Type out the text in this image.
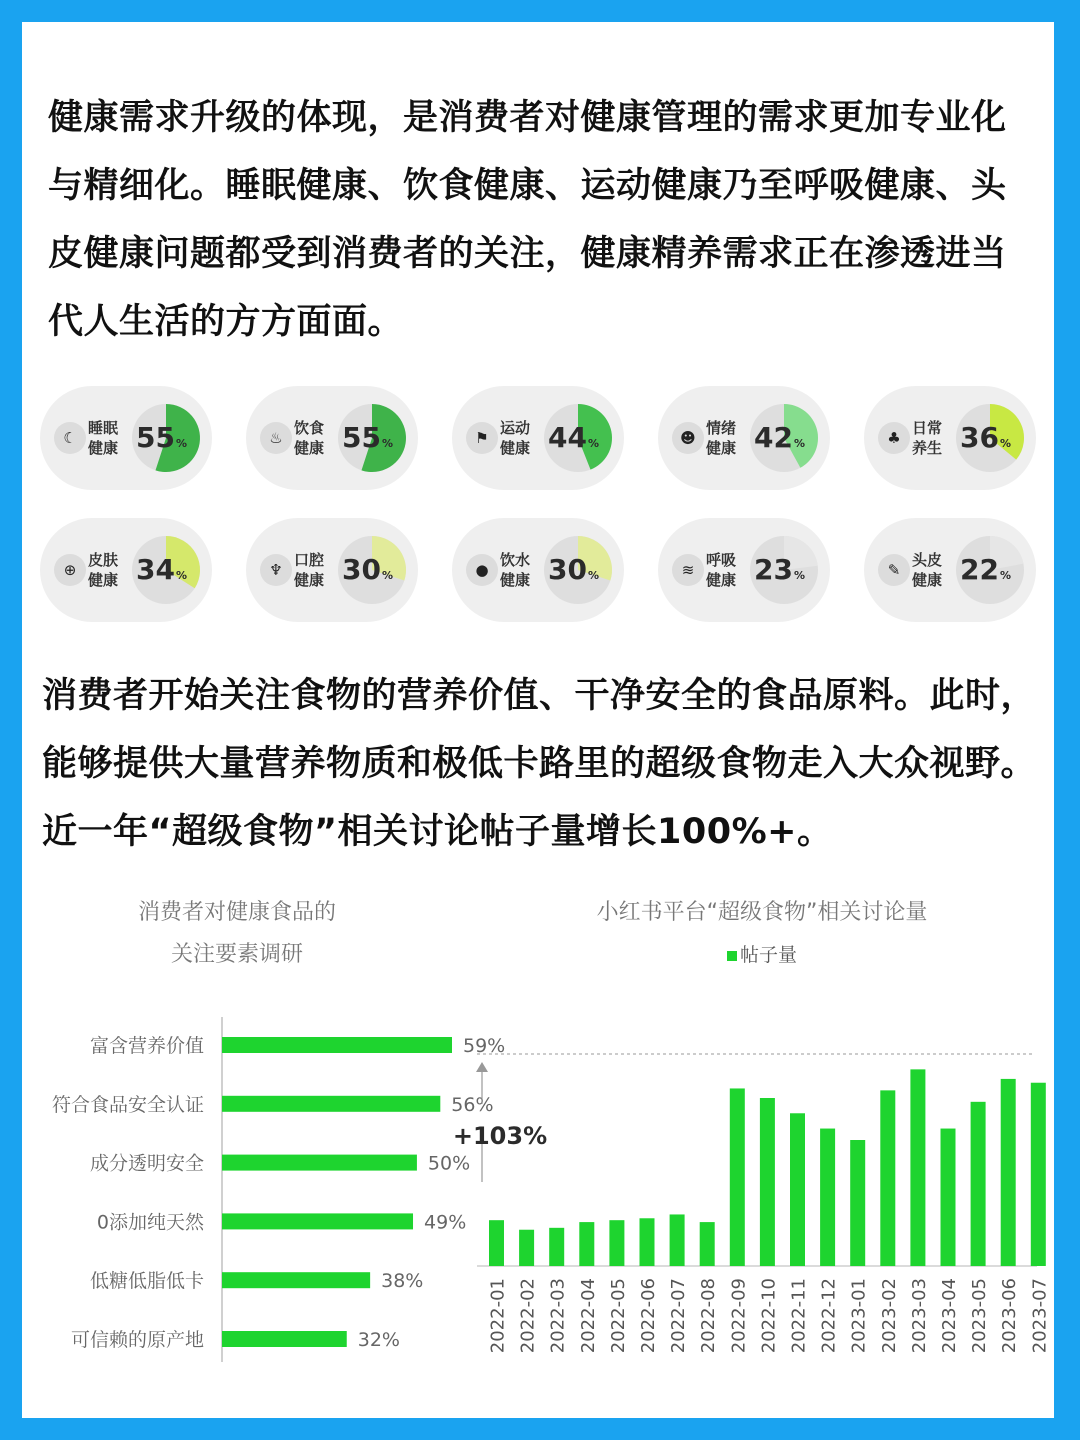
健康需求升级的体现，是消费者对健康管理的需求更加专业化与精细化。睡眠健康、饮食健康、运动健康乃至呼吸健康、头皮健康问题都受到消费者的关注，健康精养需求正在渗透进当代人生活的方方面面。

☾
睡眠
健康 55%	♨
饮食
健康 55%	⚑
运动
健康 44%	☻
情绪
健康 42%	♣
日常
养生 36%
⊕
皮肤
健康 34%	♆
口腔
健康 30%	●
饮水
健康 30%	≋
呼吸
健康 23%	✎
头皮
健康 22%

消费者开始关注食物的营养价值、干净安全的食品原料。此时，能够提供大量营养物质和极低卡路里的超级食物走入大众视野。近一年“超级食物”相关讨论帖子量增长100%+。

消费者对健康食品的
关注要素调研
富含营养价值	59%
符合食品安全认证	56%
成分透明安全	50%
0添加纯天然	49%
低糖低脂低卡	38%
可信赖的原产地	32%
小红书平台“超级食物”相关讨论量
帖子量
+103%
2022-01 2022-02 2022-03 2022-04 2022-05 2022-06 2022-07 2022-08 2022-09 2022-10 2022-11 2022-12 2023-01 2023-02 2023-03 2023-04 2023-05 2023-06 2023-07
